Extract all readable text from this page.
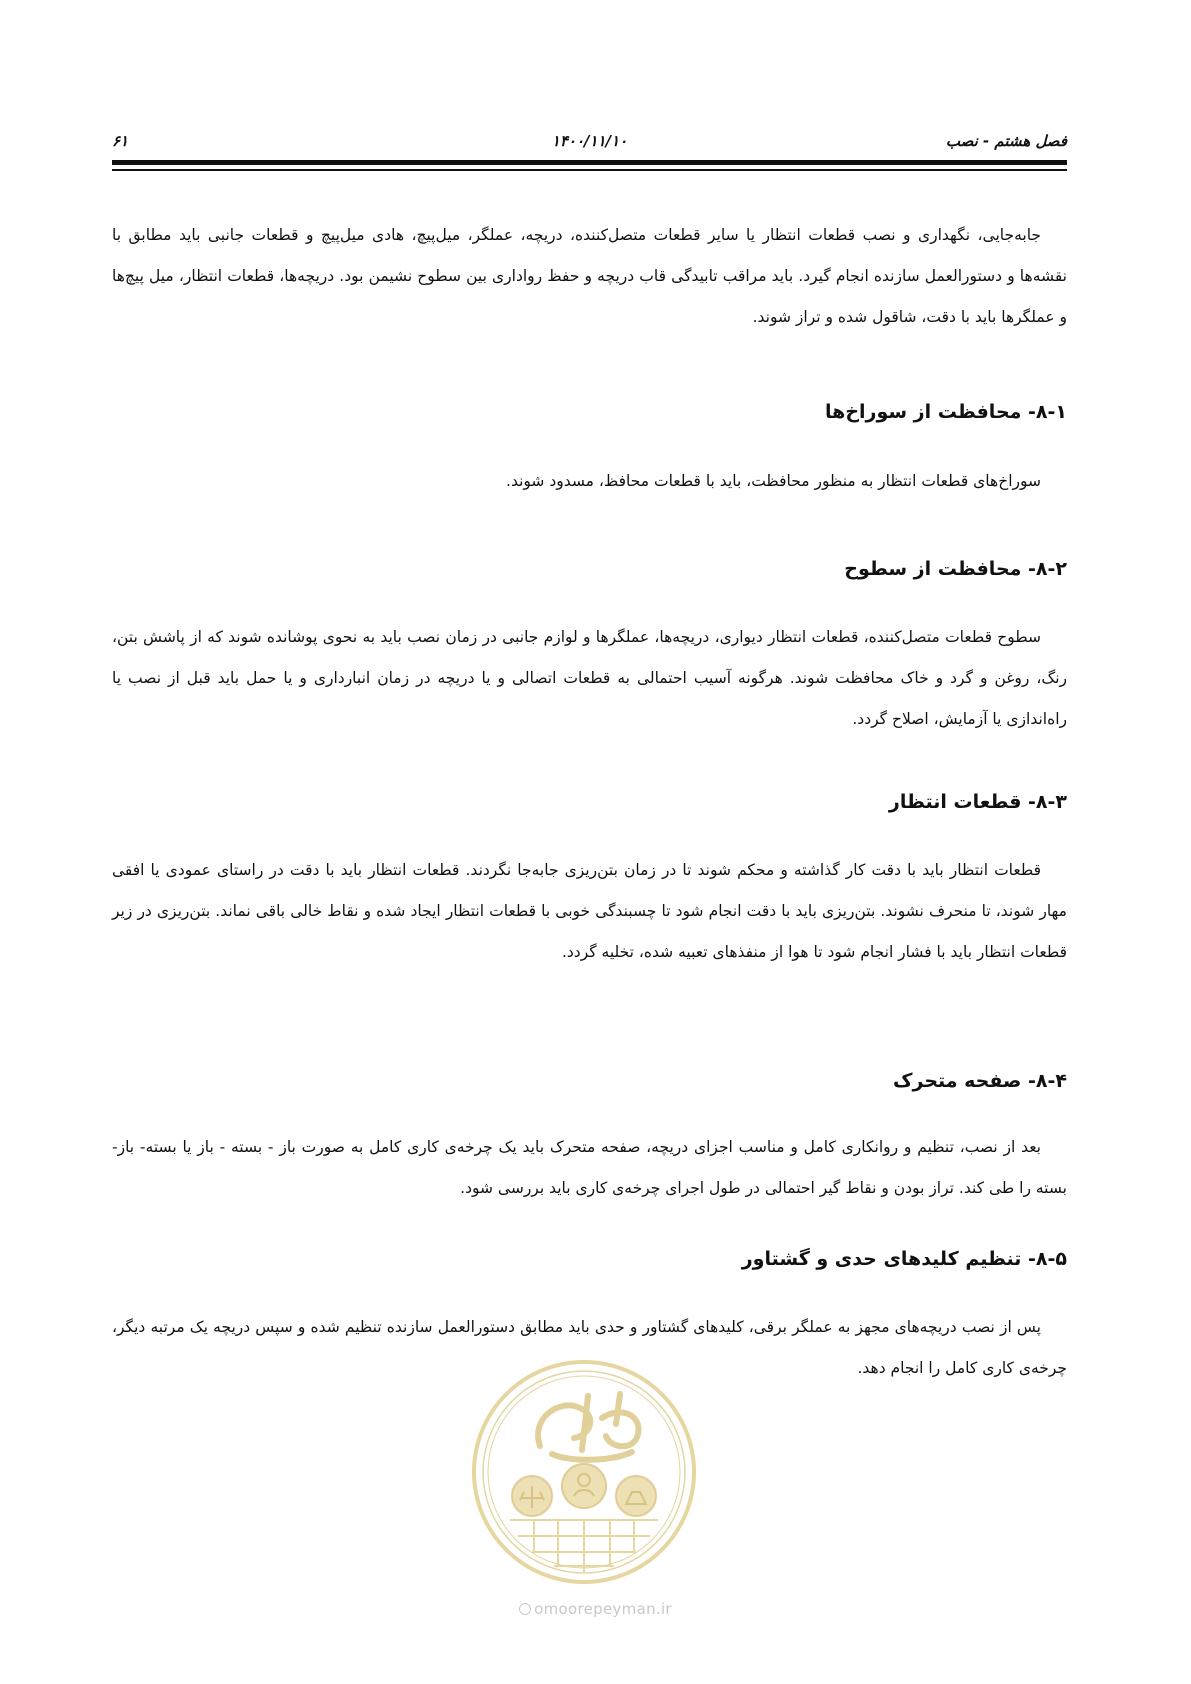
فصل هشتم - نصب
۱۴۰۰/۱۱/۱۰
۶۱

جابه‌جایی، نگهداری و نصب قطعات انتظار یا سایر قطعات متصل‌کننده، دریچه، عملگر، میل‌پیچ، هادی میل‌پیچ و قطعات جانبی باید مطابق با نقشه‌ها و دستورالعمل سازنده انجام گیرد. باید مراقب تابیدگی قاب دریچه و حفظ رواداری بین سطوح نشیمن بود. دریچه‌ها، قطعات انتظار، میل پیچ‌ها و عملگرها باید با دقت، شاقول شده و تراز شوند.

۸-۱- محافظت از سوراخ‌ها

سوراخ‌های قطعات انتظار به منظور محافظت، باید با قطعات محافظ، مسدود شوند.

۸-۲- محافظت از سطوح

سطوح قطعات متصل‌کننده، قطعات انتظار دیواری، دریچه‌ها، عملگرها و لوازم جانبی در زمان نصب باید به نحوی پوشانده شوند که از پاشش بتن، رنگ، روغن و گرد و خاک محافظت شوند. هرگونه آسیب احتمالی به قطعات اتصالی و یا دریچه در زمان انبارداری و یا حمل باید قبل از نصب یا راه‌اندازی یا آزمایش، اصلاح گردد.

۸-۳- قطعات انتظار

قطعات انتظار باید با دقت کار گذاشته و محکم شوند تا در زمان بتن‌ریزی جابه‌جا نگردند. قطعات انتظار باید با دقت در راستای عمودی یا افقی مهار شوند، تا منحرف نشوند. بتن‌ریزی باید با دقت انجام شود تا چسبندگی خوبی با قطعات انتظار ایجاد شده و نقاط خالی باقی نماند. بتن‌ریزی در زیر قطعات انتظار باید با فشار انجام شود تا هوا از منفذهای تعبیه شده، تخلیه گردد.

۸-۴- صفحه متحرک

بعد از نصب، تنظیم و روانکاری کامل و مناسب اجزای دریچه، صفحه متحرک باید یک چرخه‌ی کاری کامل به صورت باز - بسته - باز یا بسته- باز- بسته را طی کند. تراز بودن و نقاط گیر احتمالی در طول اجرای چرخه‌ی کاری باید بررسی شود.

۸-۵- تنظیم کلیدهای حدی و گشتاور

پس از نصب دریچه‌های مجهز به عملگر برقی، کلیدهای گشتاور و حدی باید مطابق دستورالعمل سازنده تنظیم شده و سپس دریچه یک مرتبه دیگر، چرخه‌ی کاری کامل را انجام دهد.

omoorepeyman.ir
